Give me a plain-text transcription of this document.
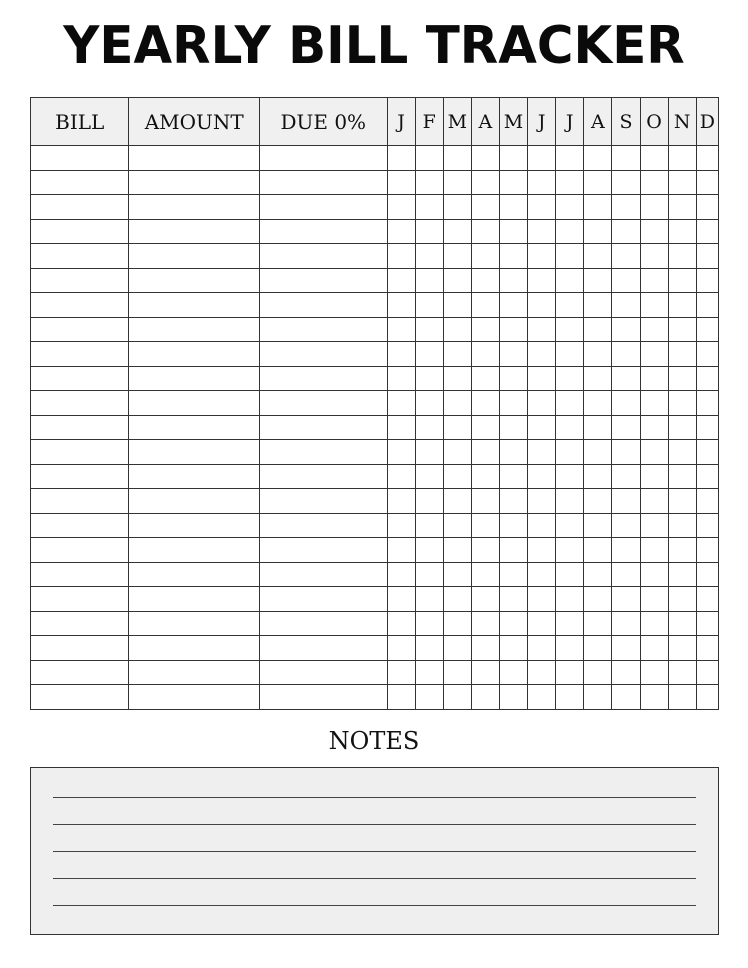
YEARLY BILL TRACKER
BILL	AMOUNT	DUE 0%	J	F	M	A	M	J	J	A	S	O	N	D

NOTES
